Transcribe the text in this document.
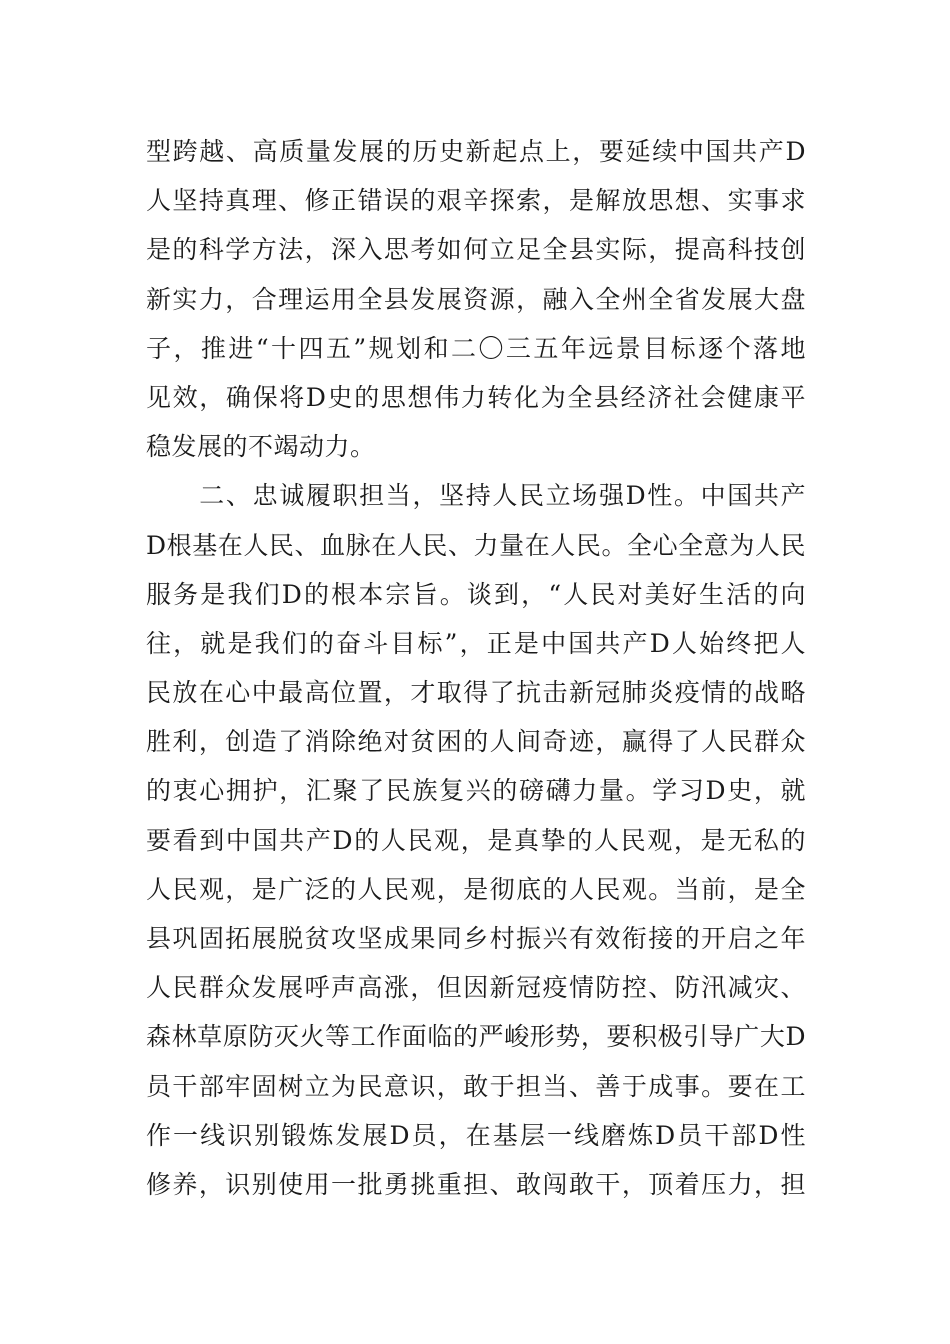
型跨越、高质量发展的历史新起点上，要延续中国共产D
人坚持真理、修正错误的艰辛探索，是解放思想、实事求
是的科学方法，深入思考如何立足全县实际，提高科技创
新实力，合理运用全县发展资源，融入全州全省发展大盘
子，推进“十四五”规划和二〇三五年远景目标逐个落地
见效，确保将D史的思想伟力转化为全县经济社会健康平
稳发展的不竭动力。
　　二、忠诚履职担当，坚持人民立场强D性。中国共产
D根基在人民、血脉在人民、力量在人民。全心全意为人民
服务是我们D的根本宗旨。谈到，“人民对美好生活的向
往，就是我们的奋斗目标”，正是中国共产D人始终把人
民放在心中最高位置，才取得了抗击新冠肺炎疫情的战略
胜利，创造了消除绝对贫困的人间奇迹，赢得了人民群众
的衷心拥护，汇聚了民族复兴的磅礴力量。学习D史，就
要看到中国共产D的人民观，是真挚的人民观，是无私的
人民观，是广泛的人民观，是彻底的人民观。当前，是全
县巩固拓展脱贫攻坚成果同乡村振兴有效衔接的开启之年
人民群众发展呼声高涨，但因新冠疫情防控、防汛减灾、
森林草原防灭火等工作面临的严峻形势，要积极引导广大D
员干部牢固树立为民意识，敢于担当、善于成事。要在工
作一线识别锻炼发展D员，在基层一线磨炼D员干部D性
修养，识别使用一批勇挑重担、敢闯敢干，顶着压力，担
